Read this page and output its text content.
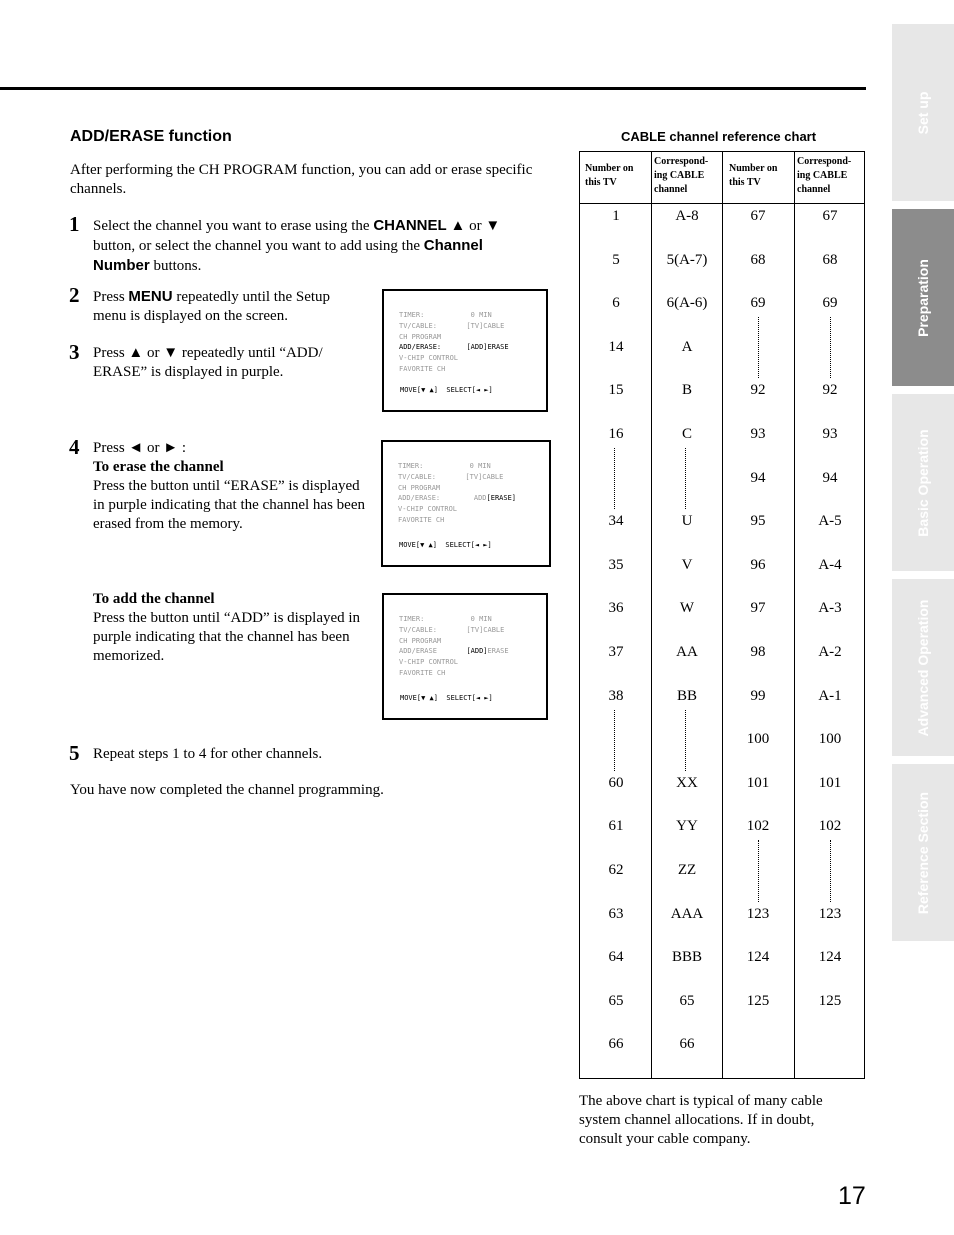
ADD/ERASE function
After performing the CH PROGRAM function, you can add or erase specific channels.
1 Select the channel you want to erase using the CHANNEL ▲ or ▼ button, or select the channel you want to add using the Channel Number buttons.
2 Press MENU repeatedly until the Setup menu is displayed on the screen.
3 Press ▲ or ▼ repeatedly until “ADD/ ERASE” is displayed in purple.
TIMER:           0 MIN
TV/CABLE:       [TV]CABLE
CH PROGRAM
ADD/ERASE:      [ADD]ERASE
V-CHIP CONTROL
FAVORITE CH
MOVE[▼ ▲]  SELECT[◄ ►]
4 Press ◄ or ► :
To erase the channel
Press the button until “ERASE” is displayed in purple indicating that the channel has been erased from the memory.
TIMER:           0 MIN
TV/CABLE:       [TV]CABLE
CH PROGRAM
ADD/ERASE:        ADD[ERASE]
V-CHIP CONTROL
FAVORITE CH
MOVE[▼ ▲]  SELECT[◄ ►]
To add the channel
Press the button until “ADD” is displayed in purple indicating that the channel has been memorized.
TIMER:           0 MIN
TV/CABLE:       [TV]CABLE
CH PROGRAM
ADD/ERASE	[ADD]ERASE
V-CHIP CONTROL
FAVORITE CH
MOVE[▼ ▲]  SELECT[◄ ►]
5 Repeat steps 1 to 4 for other channels.
You have now completed the channel programming.
CABLE channel reference chart
Number on this TV
Correspond- ing CABLE channel
Number on this TV
Correspond- ing CABLE channel
1
5
6
14
15
16
34
35
36
37
38
60
61
62
63
64
65
66
A-8
5(A-7)
6(A-6)
A
B
C
U
V
W
AA
BB
XX
YY
ZZ
AAA
BBB
65
66
67
68
69
92
93
94
95
96
97
98
99
100
101
102
123
124
125
67
68
69
92
93
94
A-5
A-4
A-3
A-2
A-1
100
101
102
123
124
125
The above chart is typical of many cable system channel allocations. If in doubt, consult your cable company.
17
Set up
Preparation
Basic Operation
Advanced Operation
Reference Section
